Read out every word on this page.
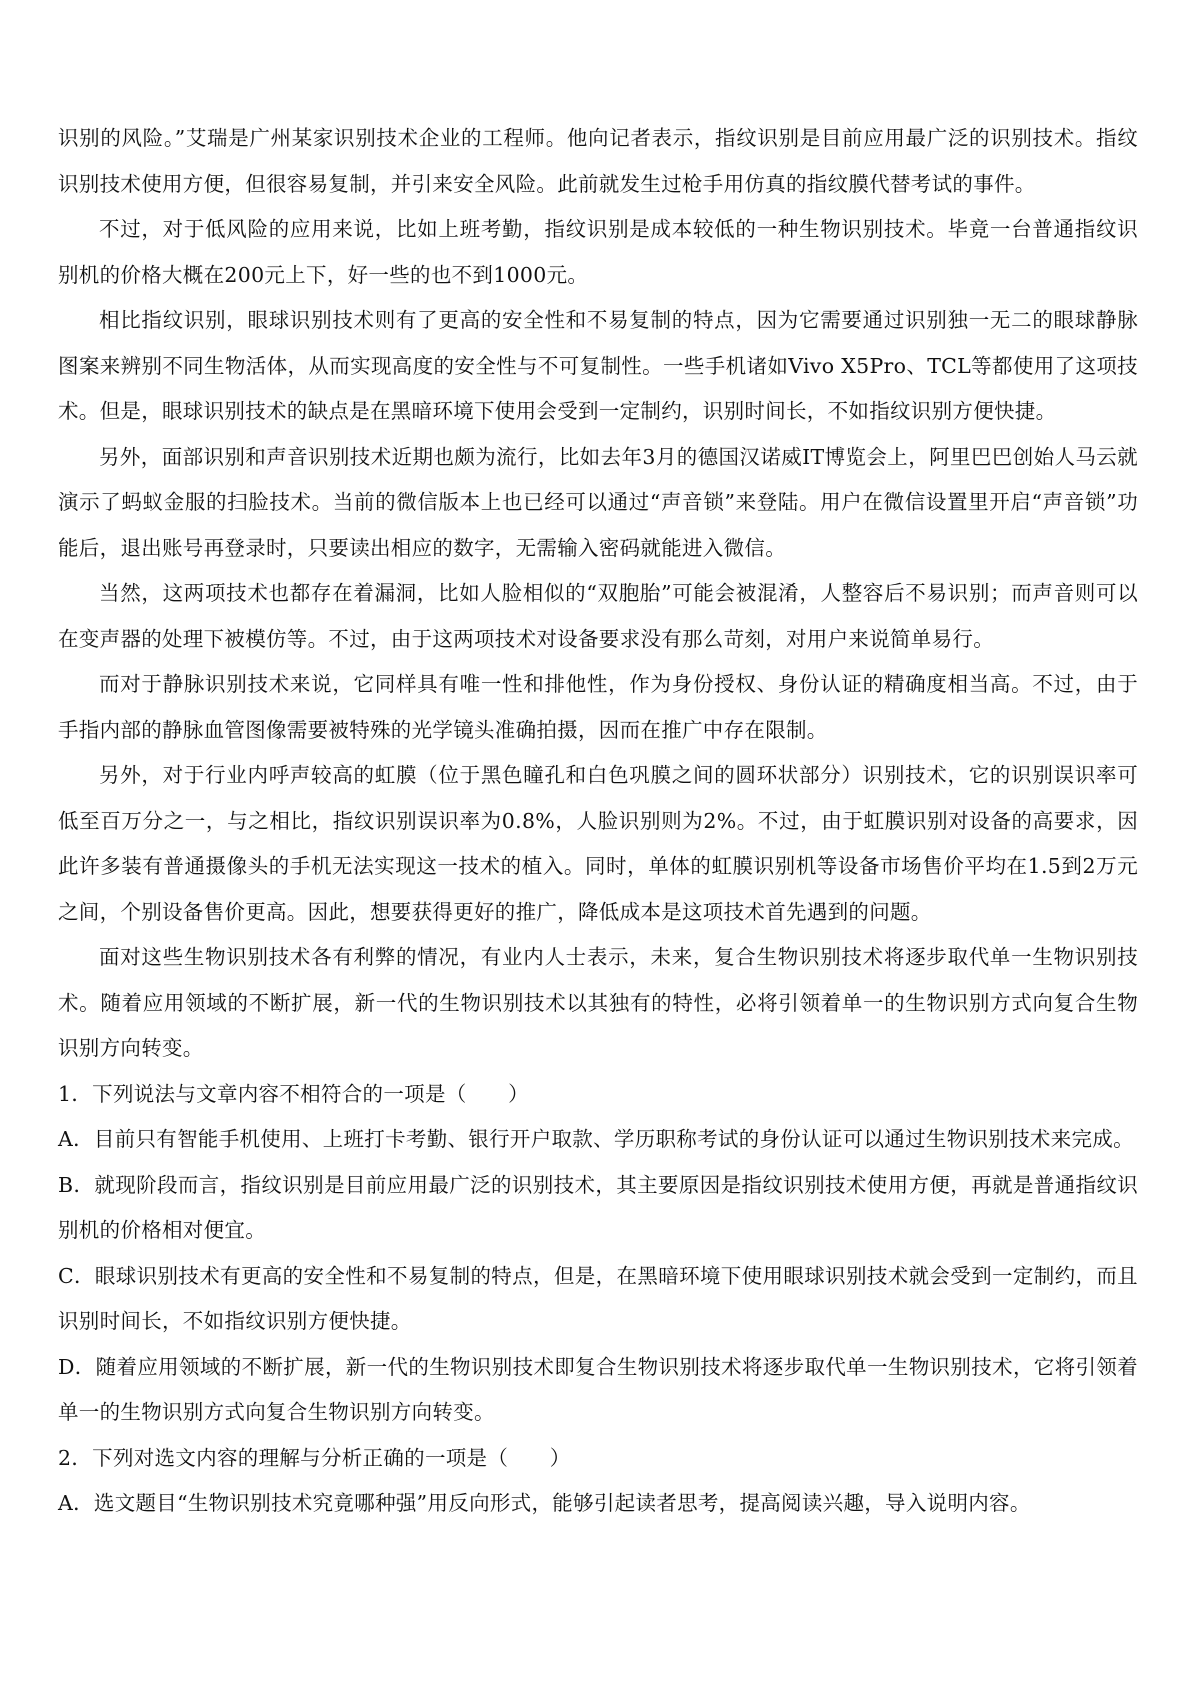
识别的风险。”艾瑞是广州某家识别技术企业的工程师。他向记者表示，指纹识别是目前应用最广泛的识别技术。指纹识别技术使用方便，但很容易复制，并引来安全风险。此前就发生过枪手用仿真的指纹膜代替考试的事件。

不过，对于低风险的应用来说，比如上班考勤，指纹识别是成本较低的一种生物识别技术。毕竟一台普通指纹识别机的价格大概在200元上下，好一些的也不到1000元。

相比指纹识别，眼球识别技术则有了更高的安全性和不易复制的特点，因为它需要通过识别独一无二的眼球静脉图案来辨别不同生物活体，从而实现高度的安全性与不可复制性。一些手机诸如Vivo X5Pro、TCL等都使用了这项技术。但是，眼球识别技术的缺点是在黑暗环境下使用会受到一定制约，识别时间长，不如指纹识别方便快捷。

另外，面部识别和声音识别技术近期也颇为流行，比如去年3月的德国汉诺威IT博览会上，阿里巴巴创始人马云就演示了蚂蚁金服的扫脸技术。当前的微信版本上也已经可以通过“声音锁”来登陆。用户在微信设置里开启“声音锁”功能后，退出账号再登录时，只要读出相应的数字，无需输入密码就能进入微信。

当然，这两项技术也都存在着漏洞，比如人脸相似的“双胞胎”可能会被混淆，人整容后不易识别；而声音则可以在变声器的处理下被模仿等。不过，由于这两项技术对设备要求没有那么苛刻，对用户来说简单易行。

而对于静脉识别技术来说，它同样具有唯一性和排他性，作为身份授权、身份认证的精确度相当高。不过，由于手指内部的静脉血管图像需要被特殊的光学镜头准确拍摄，因而在推广中存在限制。

另外，对于行业内呼声较高的虹膜（位于黑色瞳孔和白色巩膜之间的圆环状部分）识别技术，它的识别误识率可低至百万分之一，与之相比，指纹识别误识率为0.8%，人脸识别则为2%。不过，由于虹膜识别对设备的高要求，因此许多装有普通摄像头的手机无法实现这一技术的植入。同时，单体的虹膜识别机等设备市场售价平均在1.5到2万元之间，个别设备售价更高。因此，想要获得更好的推广，降低成本是这项技术首先遇到的问题。

面对这些生物识别技术各有利弊的情况，有业内人士表示，未来，复合生物识别技术将逐步取代单一生物识别技术。随着应用领域的不断扩展，新一代的生物识别技术以其独有的特性，必将引领着单一的生物识别方式向复合生物识别方向转变。

1．下列说法与文章内容不相符合的一项是（　　）

A．目前只有智能手机使用、上班打卡考勤、银行开户取款、学历职称考试的身份认证可以通过生物识别技术来完成。

B．就现阶段而言，指纹识别是目前应用最广泛的识别技术，其主要原因是指纹识别技术使用方便，再就是普通指纹识别机的价格相对便宜。

C．眼球识别技术有更高的安全性和不易复制的特点，但是，在黑暗环境下使用眼球识别技术就会受到一定制约，而且识别时间长，不如指纹识别方便快捷。

D．随着应用领域的不断扩展，新一代的生物识别技术即复合生物识别技术将逐步取代单一生物识别技术，它将引领着单一的生物识别方式向复合生物识别方向转变。

2．下列对选文内容的理解与分析正确的一项是（　　）

A．选文题目“生物识别技术究竟哪种强”用反向形式，能够引起读者思考，提高阅读兴趣，导入说明内容。
